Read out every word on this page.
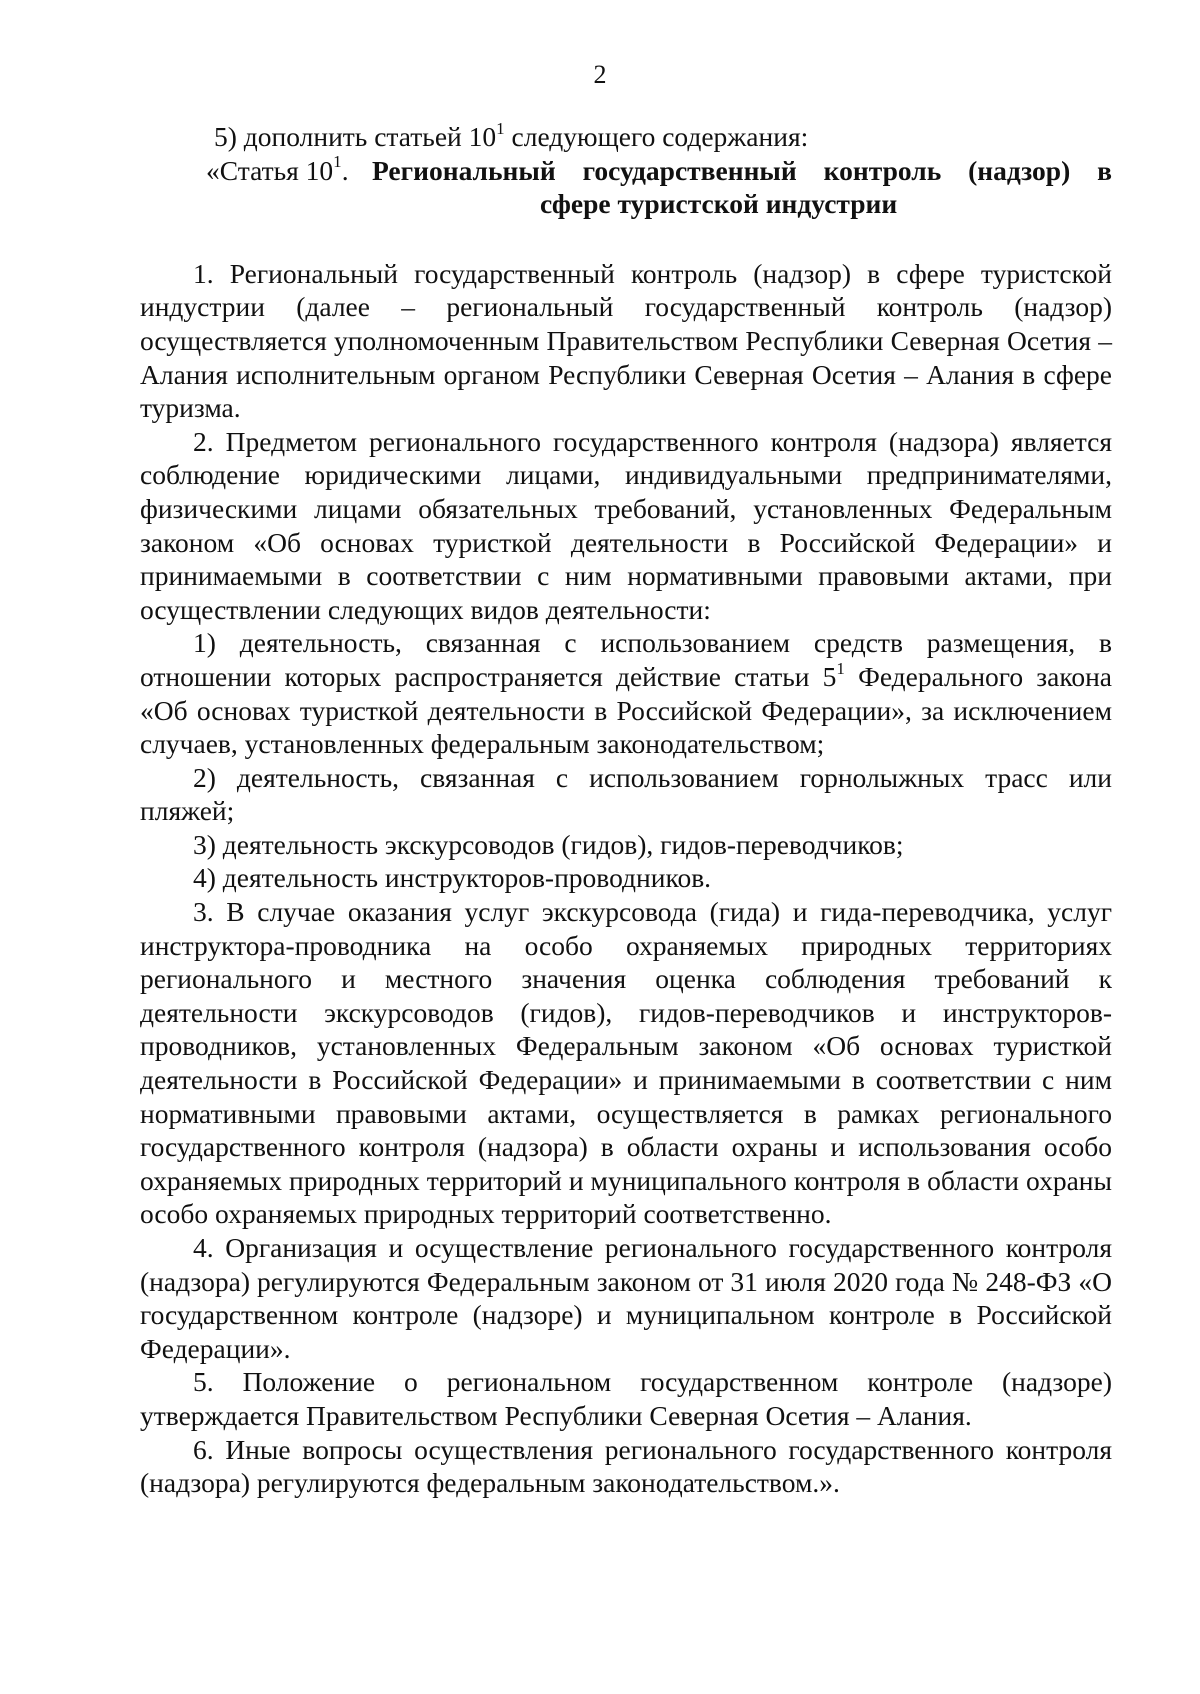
2

5) дополнить статьей $10^1$ следующего содержания:

«Статья $10^1$. Региональный государственный контроль (надзор) в
сфере туристской индустрии

1. Региональный государственный контроль (надзор) в сфере туристской индустрии (далее – региональный государственный контроль (надзор) осуществляется уполномоченным Правительством Республики Северная Осетия – Алания исполнительным органом Республики Северная Осетия – Алания в сфере туризма.

2. Предметом регионального государственного контроля (надзора) является соблюдение юридическими лицами, индивидуальными предпринимателями, физическими лицами обязательных требований, установленных Федеральным законом «Об основах туристкой деятельности в Российской Федерации» и принимаемыми в соответствии с ним нормативными правовыми актами, при осуществлении следующих видов деятельности:

1) деятельность, связанная с использованием средств размещения, в отношении которых распространяется действие статьи $5^1$ Федерального закона «Об основах туристкой деятельности в Российской Федерации», за исключением случаев, установленных федеральным законодательством;

2) деятельность, связанная с использованием горнолыжных трасс или пляжей;

3) деятельность экскурсоводов (гидов), гидов-переводчиков;

4) деятельность инструкторов-проводников.

3. В случае оказания услуг экскурсовода (гида) и гида-переводчика, услуг инструктора-проводника на особо охраняемых природных территориях регионального и местного значения оценка соблюдения требований к деятельности экскурсоводов (гидов), гидов-переводчиков и инструкторов-проводников, установленных Федеральным законом «Об основах туристкой деятельности в Российской Федерации» и принимаемыми в соответствии с ним нормативными правовыми актами, осуществляется в рамках регионального государственного контроля (надзора) в области охраны и использования особо охраняемых природных территорий и муниципального контроля в области охраны особо охраняемых природных территорий соответственно.

4. Организация и осуществление регионального государственного контроля (надзора) регулируются Федеральным законом от 31 июля 2020 года № 248-ФЗ «О государственном контроле (надзоре) и муниципальном контроле в Российской Федерации».

5. Положение о региональном государственном контроле (надзоре) утверждается Правительством Республики Северная Осетия – Алания.

6. Иные вопросы осуществления регионального государственного контроля (надзора) регулируются федеральным законодательством.».
